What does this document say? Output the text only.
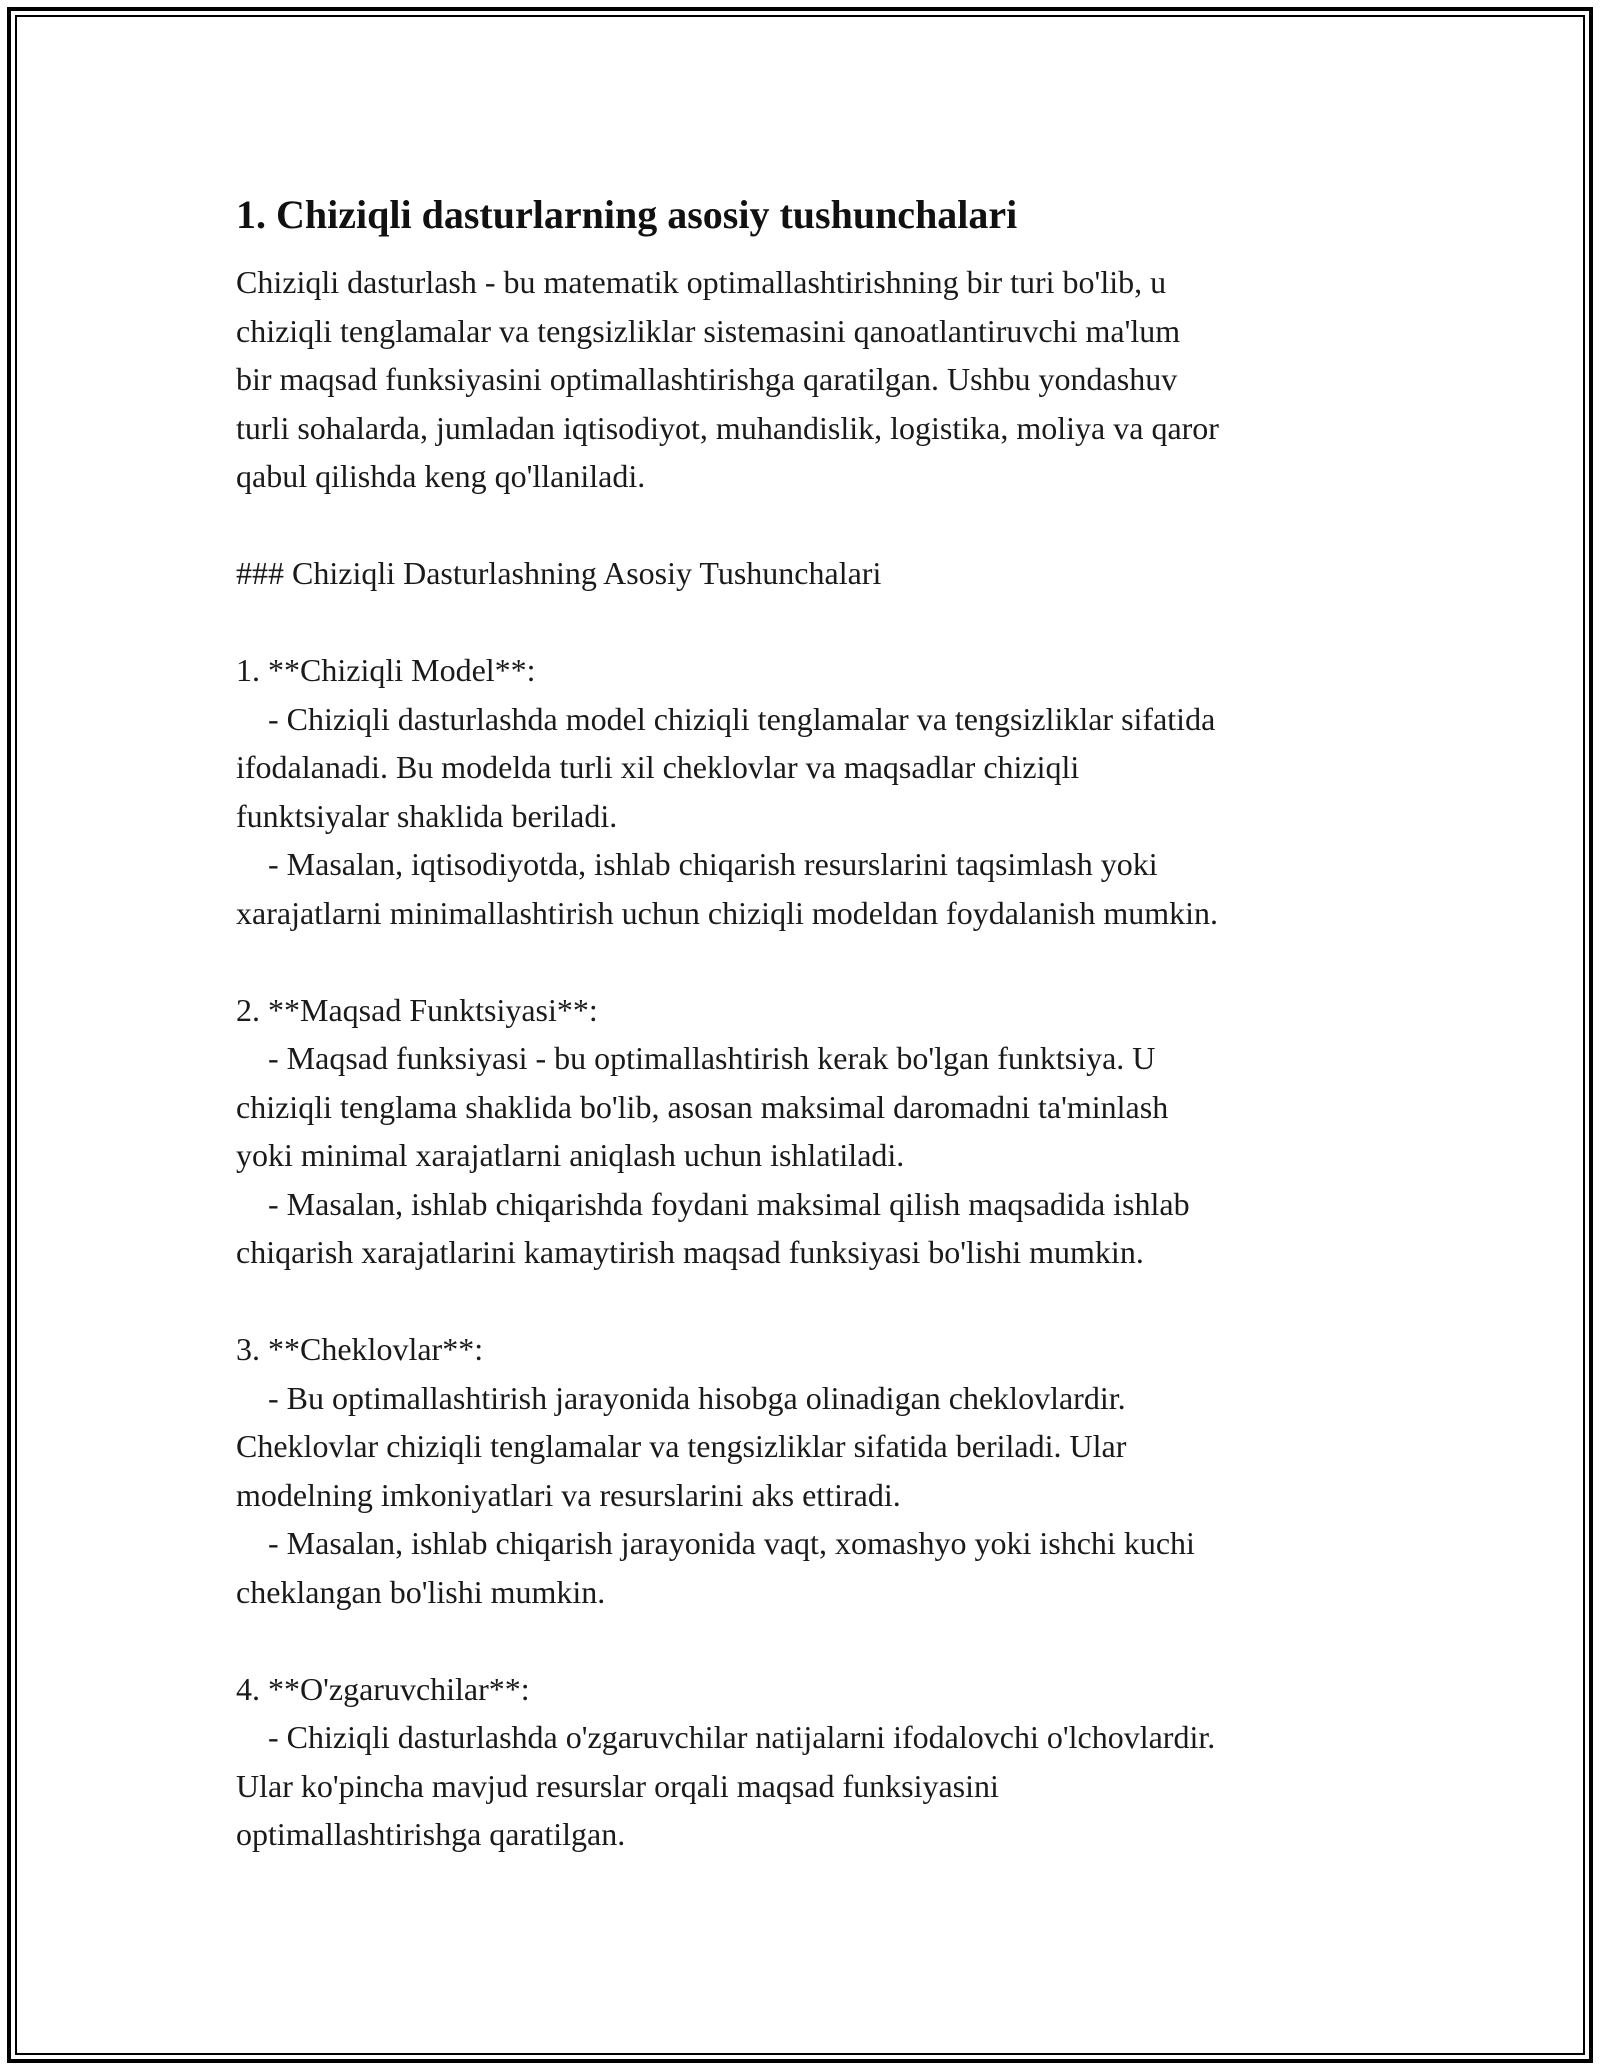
1. Chiziqli dasturlarning asosiy tushunchalari
Chiziqli dasturlash - bu matematik optimallashtirishning bir turi bo'lib, u
chiziqli tenglamalar va tengsizliklar sistemasini qanoatlantiruvchi ma'lum
bir maqsad funksiyasini optimallashtirishga qaratilgan. Ushbu yondashuv
turli sohalarda, jumladan iqtisodiyot, muhandislik, logistika, moliya va qaror
qabul qilishda keng qo'llaniladi.
### Chiziqli Dasturlashning Asosiy Tushunchalari
1. **Chiziqli Model**:
- Chiziqli dasturlashda model chiziqli tenglamalar va tengsizliklar sifatida
ifodalanadi. Bu modelda turli xil cheklovlar va maqsadlar chiziqli
funktsiyalar shaklida beriladi.
- Masalan, iqtisodiyotda, ishlab chiqarish resurslarini taqsimlash yoki
xarajatlarni minimallashtirish uchun chiziqli modeldan foydalanish mumkin.
2. **Maqsad Funktsiyasi**:
- Maqsad funksiyasi - bu optimallashtirish kerak bo'lgan funktsiya. U
chiziqli tenglama shaklida bo'lib, asosan maksimal daromadni ta'minlash
yoki minimal xarajatlarni aniqlash uchun ishlatiladi.
- Masalan, ishlab chiqarishda foydani maksimal qilish maqsadida ishlab
chiqarish xarajatlarini kamaytirish maqsad funksiyasi bo'lishi mumkin.
3. **Cheklovlar**:
- Bu optimallashtirish jarayonida hisobga olinadigan cheklovlardir.
Cheklovlar chiziqli tenglamalar va tengsizliklar sifatida beriladi. Ular
modelning imkoniyatlari va resurslarini aks ettiradi.
- Masalan, ishlab chiqarish jarayonida vaqt, xomashyo yoki ishchi kuchi
cheklangan bo'lishi mumkin.
4. **O'zgaruvchilar**:
- Chiziqli dasturlashda o'zgaruvchilar natijalarni ifodalovchi o'lchovlardir.
Ular ko'pincha mavjud resurslar orqali maqsad funksiyasini
optimallashtirishga qaratilgan.
